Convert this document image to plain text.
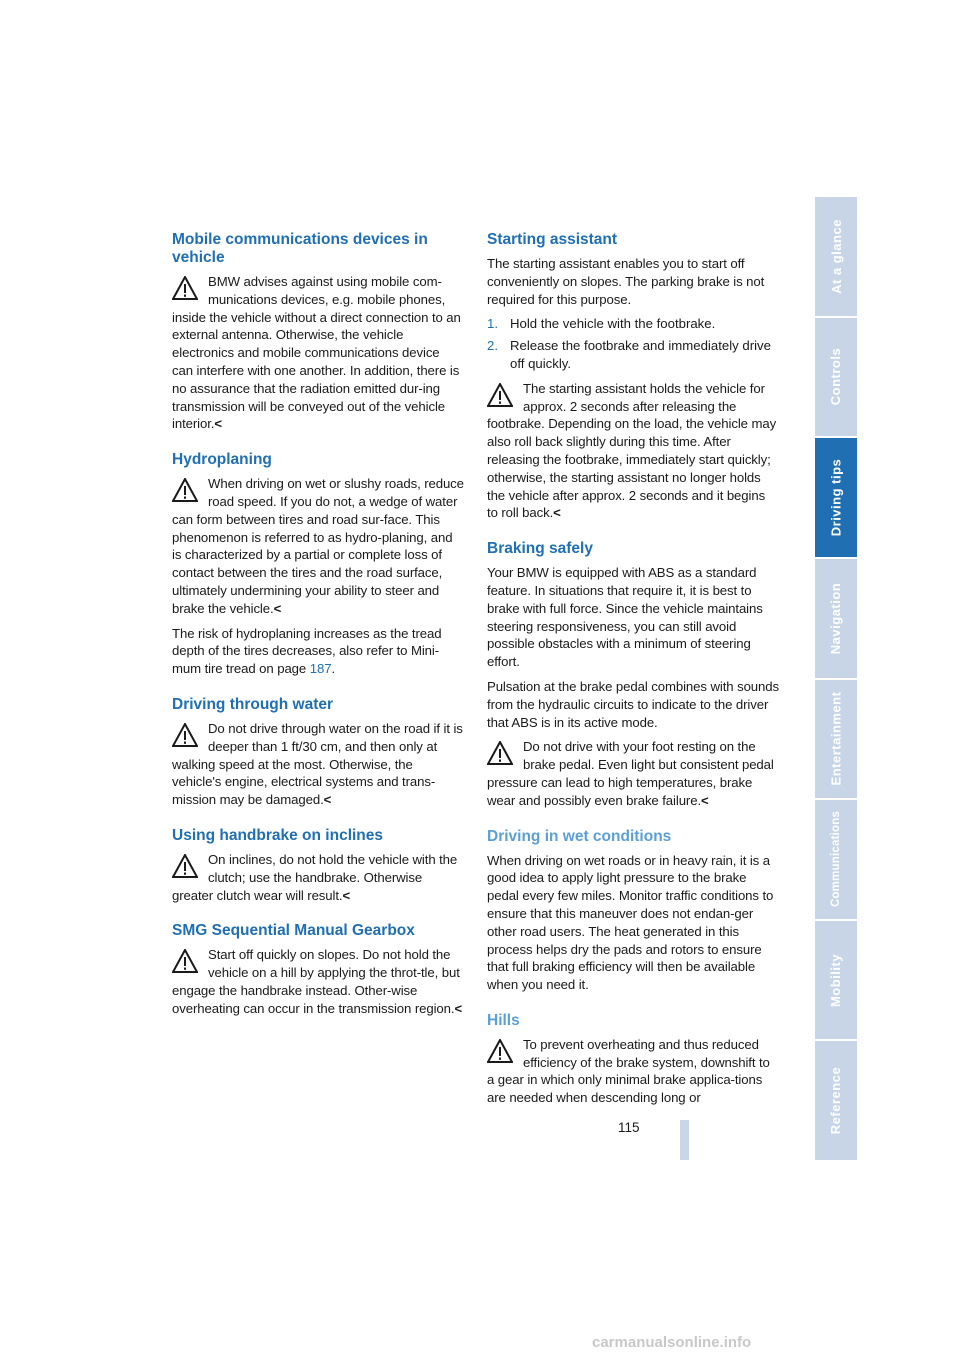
Mobile communications devices in
vehicle
BMW advises against using mobile com-munications devices, e.g. mobile phones, inside the vehicle without a direct connection to an external antenna. Otherwise, the vehicle electronics and mobile communications device can interfere with one another. In addition, there is no assurance that the radiation emitted dur-ing transmission will be conveyed out of the vehicle interior.<
Hydroplaning
When driving on wet or slushy roads, reduce road speed. If you do not, a wedge of water can form between tires and road sur-face. This phenomenon is referred to as hydro-planing, and is characterized by a partial or complete loss of contact between the tires and the road surface, ultimately undermining your ability to steer and brake the vehicle.<

The risk of hydroplaning increases as the tread depth of the tires decreases, also refer to Mini-mum tire tread on page 187.

Driving through water
Do not drive through water on the road if it is deeper than 1 ft/30 cm, and then only at walking speed at the most. Otherwise, the vehicle's engine, electrical systems and trans-mission may be damaged.<
Using handbrake on inclines
On inclines, do not hold the vehicle with the clutch; use the handbrake. Otherwise greater clutch wear will result.<
SMG Sequential Manual Gearbox
Start off quickly on slopes. Do not hold the vehicle on a hill by applying the throt-tle, but engage the handbrake instead. Other-wise overheating can occur in the transmission region.<
Starting assistant

The starting assistant enables you to start off conveniently on slopes. The parking brake is not required for this purpose.

1. Hold the vehicle with the footbrake.
2. Release the footbrake and immediately drive off quickly.
The starting assistant holds the vehicle for approx. 2 seconds after releasing the footbrake. Depending on the load, the vehicle may also roll back slightly during this time. After releasing the footbrake, immediately start quickly; otherwise, the starting assistant no longer holds the vehicle after approx. 2 seconds and it begins to roll back.<
Braking safely

Your BMW is equipped with ABS as a standard feature. In situations that require it, it is best to brake with full force. Since the vehicle maintains steering responsiveness, you can still avoid possible obstacles with a minimum of steering effort.

Pulsation at the brake pedal combines with sounds from the hydraulic circuits to indicate to the driver that ABS is in its active mode.

Do not drive with your foot resting on the brake pedal. Even light but consistent pedal pressure can lead to high temperatures, brake wear and possibly even brake failure.<
Driving in wet conditions

When driving on wet roads or in heavy rain, it is a good idea to apply light pressure to the brake pedal every few miles. Monitor traffic conditions to ensure that this maneuver does not endan-ger other road users. The heat generated in this process helps dry the pads and rotors to ensure that full braking efficiency will then be available when you need it.

Hills
To prevent overheating and thus reduced efficiency of the brake system, downshift to a gear in which only minimal brake applica-tions are needed when descending long or
115
At a glance
Controls
Driving tips
Navigation
Entertainment
Communications
Mobility
Reference
carmanualsonline.info
